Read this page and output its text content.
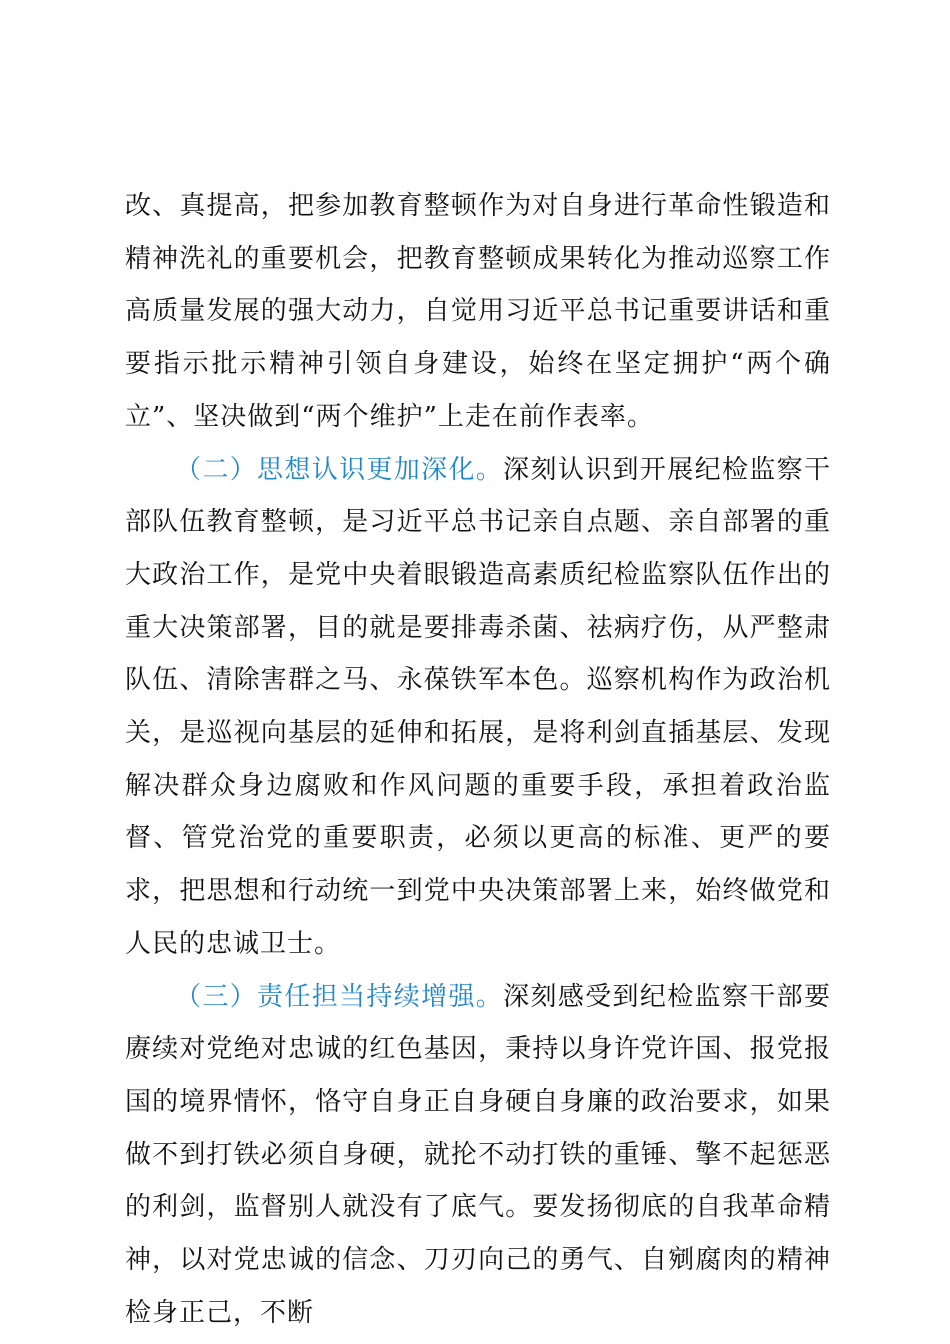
改、真提高，把参加教育整顿作为对自身进行革命性锻造和精神洗礼的重要机会，把教育整顿成果转化为推动巡察工作高质量发展的强大动力，自觉用习近平总书记重要讲话和重要指示批示精神引领自身建设，始终在坚定拥护“两个确立”、坚决做到“两个维护”上走在前作表率。

（二）思想认识更加深化。深刻认识到开展纪检监察干部队伍教育整顿，是习近平总书记亲自点题、亲自部署的重大政治工作，是党中央着眼锻造高素质纪检监察队伍作出的重大决策部署，目的就是要排毒杀菌、祛病疗伤，从严整肃队伍、清除害群之马、永葆铁军本色。巡察机构作为政治机关，是巡视向基层的延伸和拓展，是将利剑直插基层、发现解决群众身边腐败和作风问题的重要手段，承担着政治监督、管党治党的重要职责，必须以更高的标准、更严的要求，把思想和行动统一到党中央决策部署上来，始终做党和人民的忠诚卫士。

（三）责任担当持续增强。深刻感受到纪检监察干部要赓续对党绝对忠诚的红色基因，秉持以身许党许国、报党报国的境界情怀，恪守自身正自身硬自身廉的政治要求，如果做不到打铁必须自身硬，就抡不动打铁的重锤、擎不起惩恶的利剑，监督别人就没有了底气。要发扬彻底的自我革命精神，以对党忠诚的信念、刀刃向己的勇气、自剜腐肉的精神检身正己，不断
